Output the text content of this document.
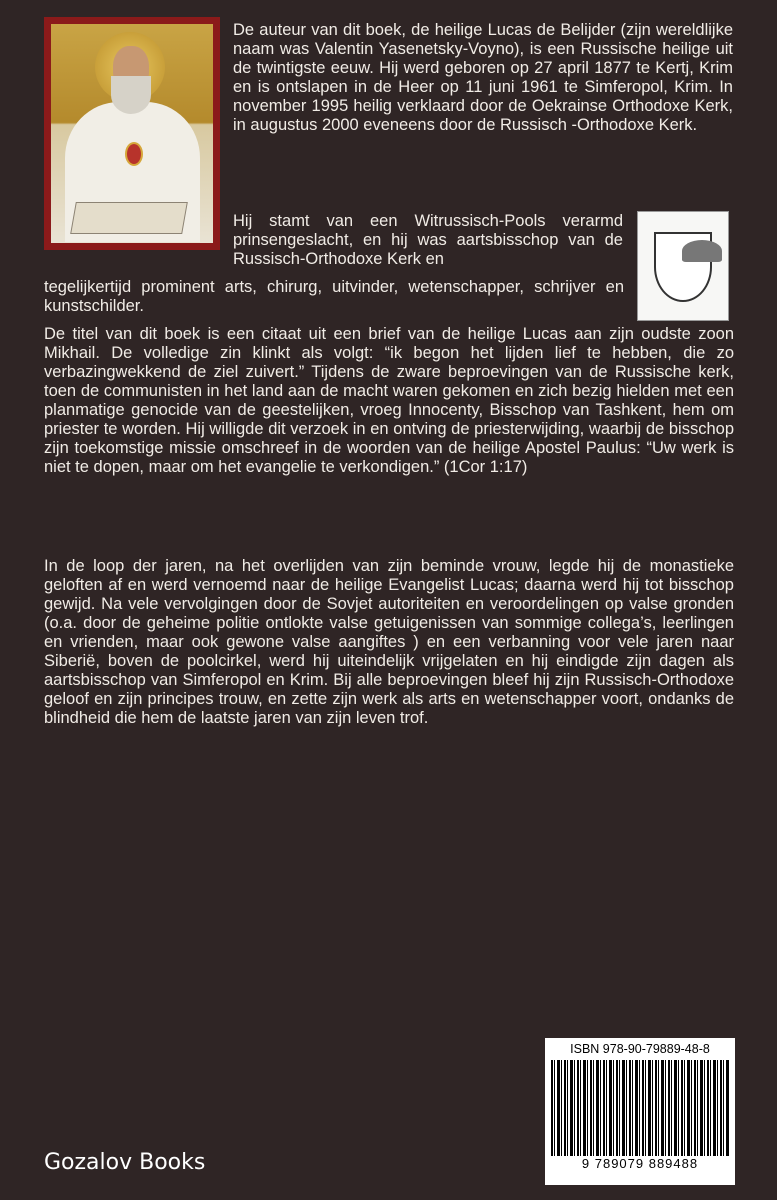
De auteur van dit boek, de heilige Lucas de Belijder (zijn wereldlijke naam was Valentin Yasenetsky-Voyno), is een Russische heilige uit de twintigste eeuw. Hij werd geboren op 27 april 1877 te Kertj, Krim en is ontslapen in de Heer op 11 juni 1961 te Simferopol, Krim. In november 1995 heilig verklaard door de Oekrainse Orthodoxe Kerk, in augustus 2000 eveneens door de Russisch -Orthodoxe Kerk.
Hij stamt van een Witrussisch-Pools verarmd prinsengeslacht, en hij was aartsbisschop van de Russisch-Orthodoxe Kerk en
tegelijkertijd prominent arts, chirurg, uitvinder, wetenschapper, schrijver en kunstschilder.
De titel van dit boek is een citaat uit een brief van de heilige Lucas aan zijn oudste zoon Mikhail. De volledige zin klinkt als volgt: “ik begon het lijden lief te hebben, die zo verbazingwekkend de ziel zuivert.” Tijdens de zware beproevingen van de Russische kerk, toen de communisten in het land aan de macht waren gekomen en zich bezig hielden met een planmatige genocide van de geestelijken, vroeg Innocenty, Bisschop van Tashkent, hem om priester te worden. Hij willigde dit verzoek in en ontving de priesterwijding, waarbij de bisschop zijn toekomstige missie omschreef in de woorden van de heilige Apostel Paulus: “Uw werk is niet te dopen, maar om het evangelie te verkondigen.” (1Cor 1:17)
In de loop der jaren, na het overlijden van zijn beminde vrouw, legde hij de monastieke geloften af en werd vernoemd naar de heilige Evangelist Lucas; daarna werd hij tot bisschop gewijd. Na vele vervolgingen door de Sovjet autoriteiten en veroordelingen op valse gronden (o.a. door de geheime politie ontlokte valse getuigenissen van sommige collega’s, leerlingen en vrienden, maar ook gewone valse aangiftes ) en een verbanning voor vele jaren naar Siberië, boven de poolcirkel, werd hij uiteindelijk vrijgelaten en hij eindigde zijn dagen als aartsbisschop van Simferopol en Krim. Bij alle beproevingen bleef hij zijn Russisch-Orthodoxe geloof en zijn principes trouw, en zette zijn werk als arts en wetenschapper voort, ondanks de blindheid die hem de laatste jaren van zijn leven trof.
ISBN 978-90-79889-48-8
9 789079 889488
Gozalov Books
